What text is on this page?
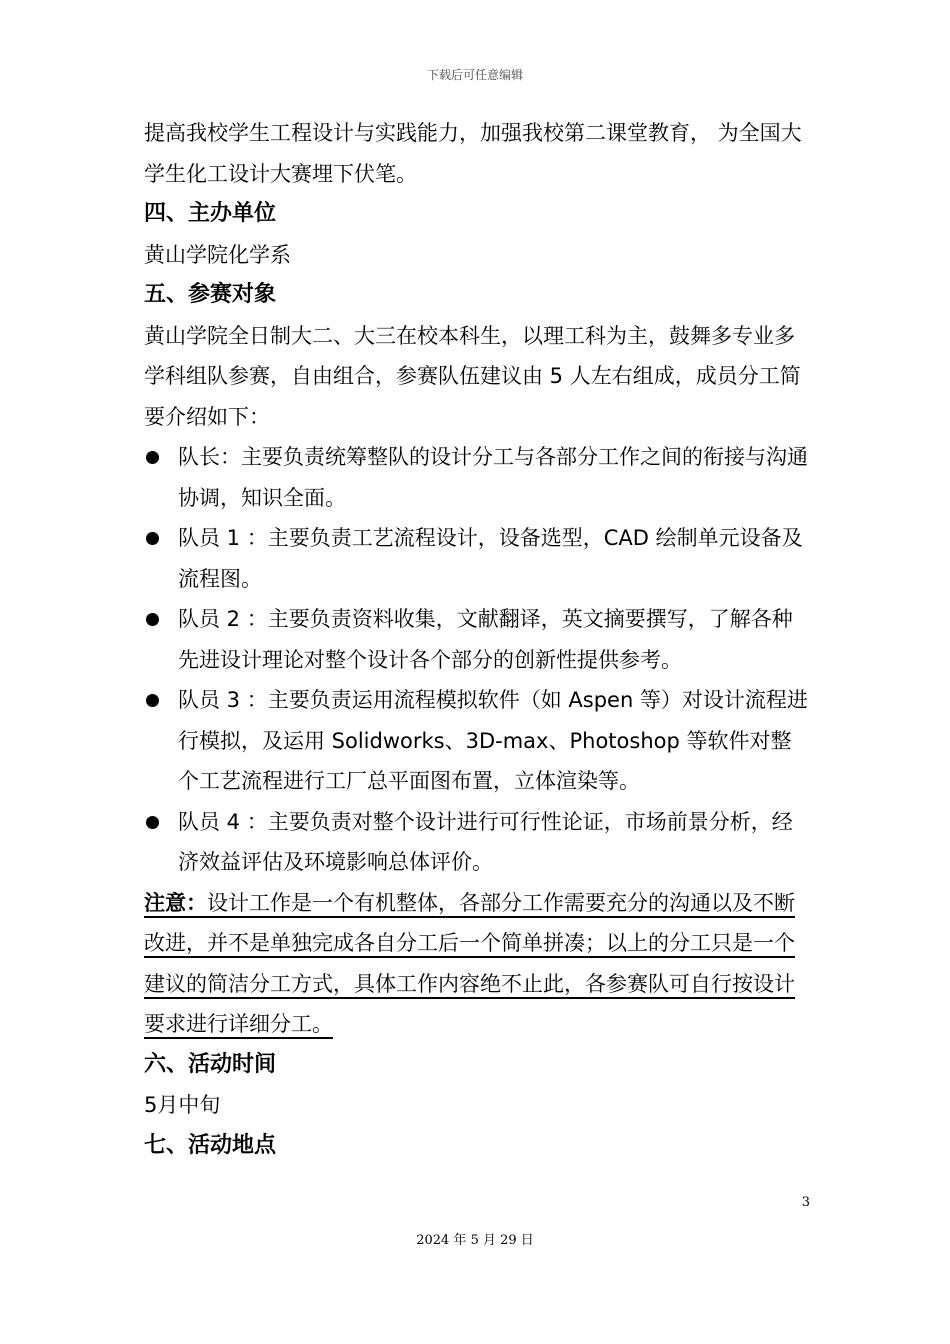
下载后可任意编辑

提高我校学生工程设计与实践能力，加强我校第二课堂教育， 为全国大学生化工设计大赛埋下伏笔。

四、主办单位

黄山学院化学系

五、参赛对象

黄山学院全日制大二、大三在校本科生，以理工科为主，鼓舞多专业多学科组队参赛，自由组合，参赛队伍建议由 5 人左右组成，成员分工简要介绍如下：

队长：主要负责统筹整队的设计分工与各部分工作之间的衔接与沟通协调，知识全面。
队员 1 ：主要负责工艺流程设计，设备选型，CAD 绘制单元设备及流程图。
队员 2 ：主要负责资料收集，文献翻译，英文摘要撰写，了解各种先进设计理论对整个设计各个部分的创新性提供参考。
队员 3 ：主要负责运用流程模拟软件（如 Aspen 等）对设计流程进行模拟，及运用 Solidworks、3D-max、Photoshop 等软件对整个工艺流程进行工厂总平面图布置，立体渲染等。
队员 4 ：主要负责对整个设计进行可行性论证，市场前景分析，经济效益评估及环境影响总体评价。

注意：设计工作是一个有机整体，各部分工作需要充分的沟通以及不断改进，并不是单独完成各自分工后一个简单拼凑；以上的分工只是一个建议的简洁分工方式，具体工作内容绝不止此，各参赛队可自行按设计要求进行详细分工。

六、活动时间

5月中旬

七、活动地点
3
2024 年 5 月 29 日
